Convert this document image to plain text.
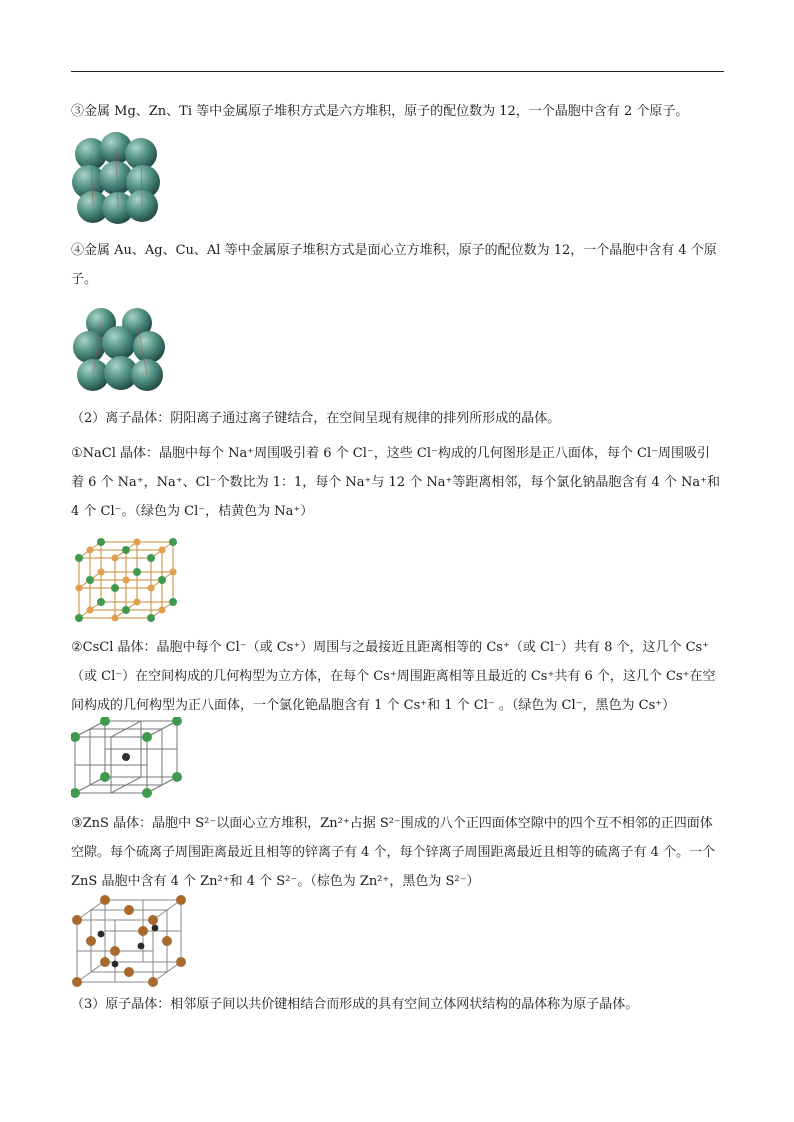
③金属 Mg、Zn、Ti 等中金属原子堆积方式是六方堆积，原子的配位数为 12，一个晶胞中含有 2 个原子。

④金属 Au、Ag、Cu、Al 等中金属原子堆积方式是面心立方堆积，原子的配位数为 12，一个晶胞中含有 4 个原子。

（2）离子晶体：阴阳离子通过离子键结合，在空间呈现有规律的排列所形成的晶体。

①NaCl 晶体：晶胞中每个 Na⁺周围吸引着 6 个 Cl⁻，这些 Cl⁻构成的几何图形是正八面体，每个 Cl⁻周围吸引着 6 个 Na⁺，Na⁺、Cl⁻个数比为 1：1，每个 Na⁺与 12 个 Na⁺等距离相邻，每个氯化钠晶胞含有 4 个 Na⁺和 4 个 Cl⁻。（绿色为 Cl⁻，桔黄色为 Na⁺）

②CsCl 晶体：晶胞中每个 Cl⁻（或 Cs⁺）周围与之最接近且距离相等的 Cs⁺（或 Cl⁻）共有 8 个，这几个 Cs⁺（或 Cl⁻）在空间构成的几何构型为立方体，在每个 Cs⁺周围距离相等且最近的 Cs⁺共有 6 个，这几个 Cs⁺在空间构成的几何构型为正八面体，一个氯化铯晶胞含有 1 个 Cs⁺和 1 个 Cl⁻ 。（绿色为 Cl⁻，黑色为 Cs⁺）

③ZnS 晶体：晶胞中 S²⁻以面心立方堆积，Zn²⁺占据 S²⁻围成的八个正四面体空隙中的四个互不相邻的正四面体空隙。每个硫离子周围距离最近且相等的锌离子有 4 个，每个锌离子周围距离最近且相等的硫离子有 4 个。一个 ZnS 晶胞中含有 4 个 Zn²⁺和 4 个 S²⁻。（棕色为 Zn²⁺，黑色为 S²⁻）

（3）原子晶体：相邻原子间以共价键相结合而形成的具有空间立体网状结构的晶体称为原子晶体。
